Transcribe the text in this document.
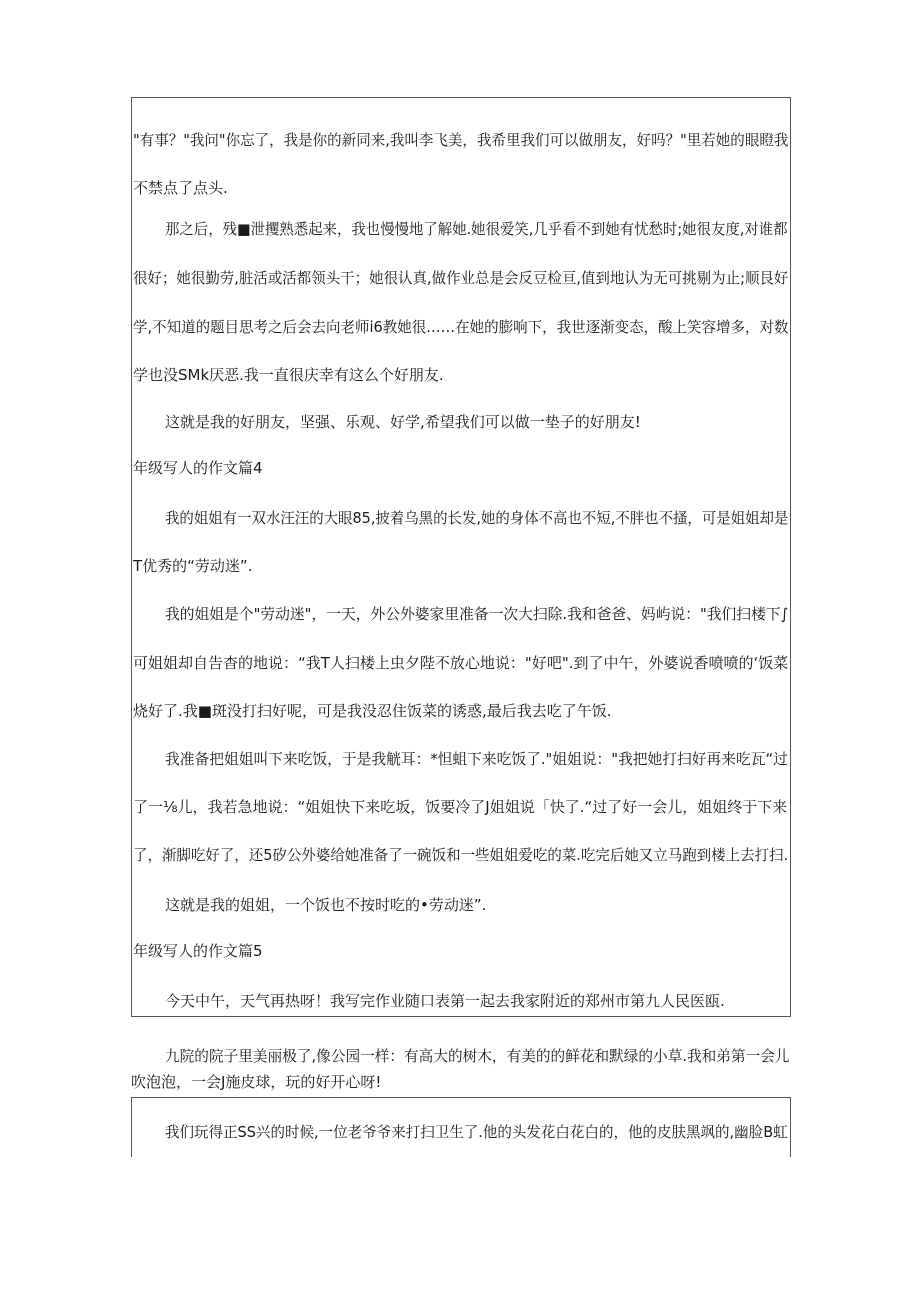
"有事？"我问"你忘了，我是你的新同来,我叫李飞美，我希里我们可以做朋友，好吗？"里若她的眼瞪我
不禁点了点头.
那之后，残■泄攫熟悉起来，我也慢慢地了解她.她很爱笑,几乎看不到她有忧愁时;她很友度,对谁都
很好；她很勤劳,脏活或活都领头干；她很认真,做作业总是会反豆检亘,值到地认为无可挑剔为止;顺艮好
学,不知道的题目思考之后会去向老师i6教她很……在她的膨响下，我世逐渐变态，酸上笑容增多，对数
学也没SMk厌恶.我一直很庆幸有这么个好朋友.
这就是我的好朋友，坚强、乐观、好学,希望我们可以做一垫子的好朋友!
年级写人的作文篇4
我的姐姐有一双水汪汪的大眼85,披着乌黑的长发,她的身体不高也不短,不胖也不搔，可是姐姐却是
T优秀的“劳动迷”.
我的姐姐是个"劳动迷"，一天，外公外婆家里准备一次大扫除.我和爸爸、妈屿说："我们扫楼下∫
可姐姐却自告杳的地说：“我T人扫楼上虫夕陛不放心地说："好吧".到了中午，外婆说香喷喷的‘饭菜
烧好了.我■斑没打扫好呢，可是我没忍住饭菜的诱惑,最后我去吃了午饭.
我准备把姐姐叫下来吃饭，于是我觥耳：*怛蛆下来吃饭了."姐姐说："我把她打扫好再来吃瓦“过
了一⅛儿，我若急地说：“姐姐快下来吃坂，饭要冷了J姐姐说「快了.“过了好一会儿，姐姐终于下来
了，渐脚吃好了，还5矽公外婆给她准备了一碗饭和一些姐姐爱吃的菜.吃完后她又立马跑到楼上去打扫.
这就是我的姐姐，一个饭也不按时吃的•劳动迷”.
年级写人的作文篇5
今天中午，天气再热呀！我写完作业随口表第一起去我家附近的郑州市第九人民医瓯.
九院的院子里美丽极了,像公园一样：有高大的树木，有美的的鲜花和默绿的小草.我和弟第一会儿
吹泡泡，一会J施皮球，玩的好开心呀!
我们玩得正SS兴的时候,一位老爷爷来打扫卫生了.他的头发花白花白的，他的皮肤黑飒的,幽脸B虹
